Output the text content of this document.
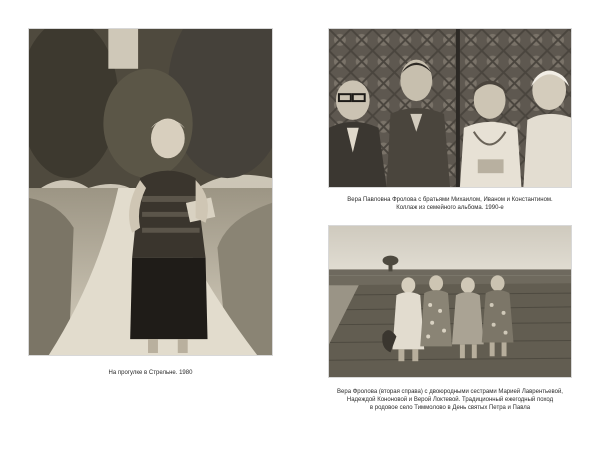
Вера Павловна Фролова с братьями Михаилом, Иваном и Константином.
Коллаж из семейного альбома. 1990-е
На прогулке в Стрельне. 1980
Вера Фролова (вторая справа) с двоюродными сестрами Марией Лаврентьевой,
Надеждой Кононовой и Верой Локтевой. Традиционный ежегодный поход
в родовое село Тиммолово в День святых Петра и Павла
